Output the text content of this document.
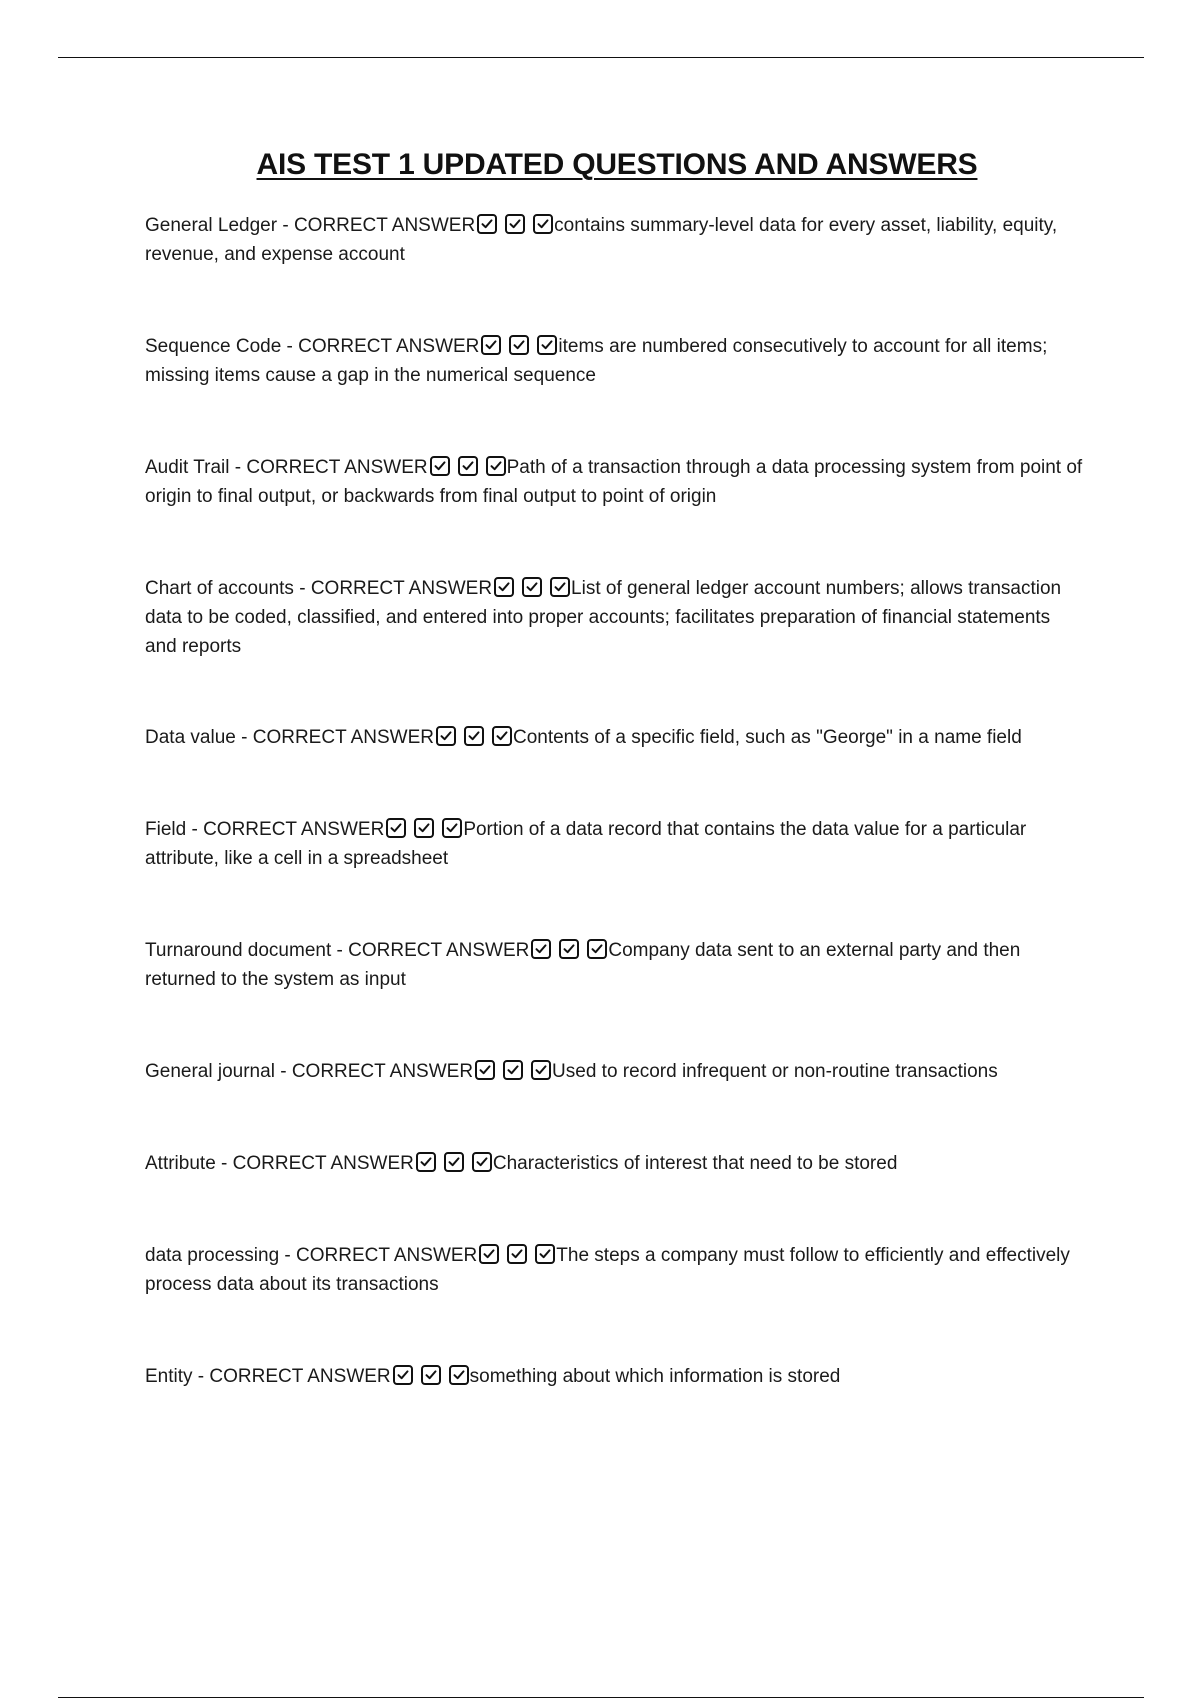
AIS TEST 1 UPDATED QUESTIONS AND ANSWERS
General Ledger - CORRECT ANSWER	contains summary-level data for every asset, liability, equity, revenue, and expense account
Sequence Code - CORRECT ANSWER	items are numbered consecutively to account for all items; missing items cause a gap in the numerical sequence
Audit Trail - CORRECT ANSWER	Path of a transaction through a data processing system from point of origin to final output, or backwards from final output to point of origin
Chart of accounts - CORRECT ANSWER	List of general ledger account numbers; allows transaction data to be coded, classified, and entered into proper accounts; facilitates preparation of financial statements and reports
Data value - CORRECT ANSWER	Contents of a specific field, such as "George" in a name field
Field - CORRECT ANSWER	Portion of a data record that contains the data value for a particular attribute, like a cell in a spreadsheet
Turnaround document - CORRECT ANSWER	Company data sent to an external party and then returned to the system as input
General journal - CORRECT ANSWER	Used to record infrequent or non-routine transactions
Attribute - CORRECT ANSWER	Characteristics of interest that need to be stored
data processing - CORRECT ANSWER	The steps a company must follow to efficiently and effectively process data about its transactions
Entity - CORRECT ANSWER	something about which information is stored
